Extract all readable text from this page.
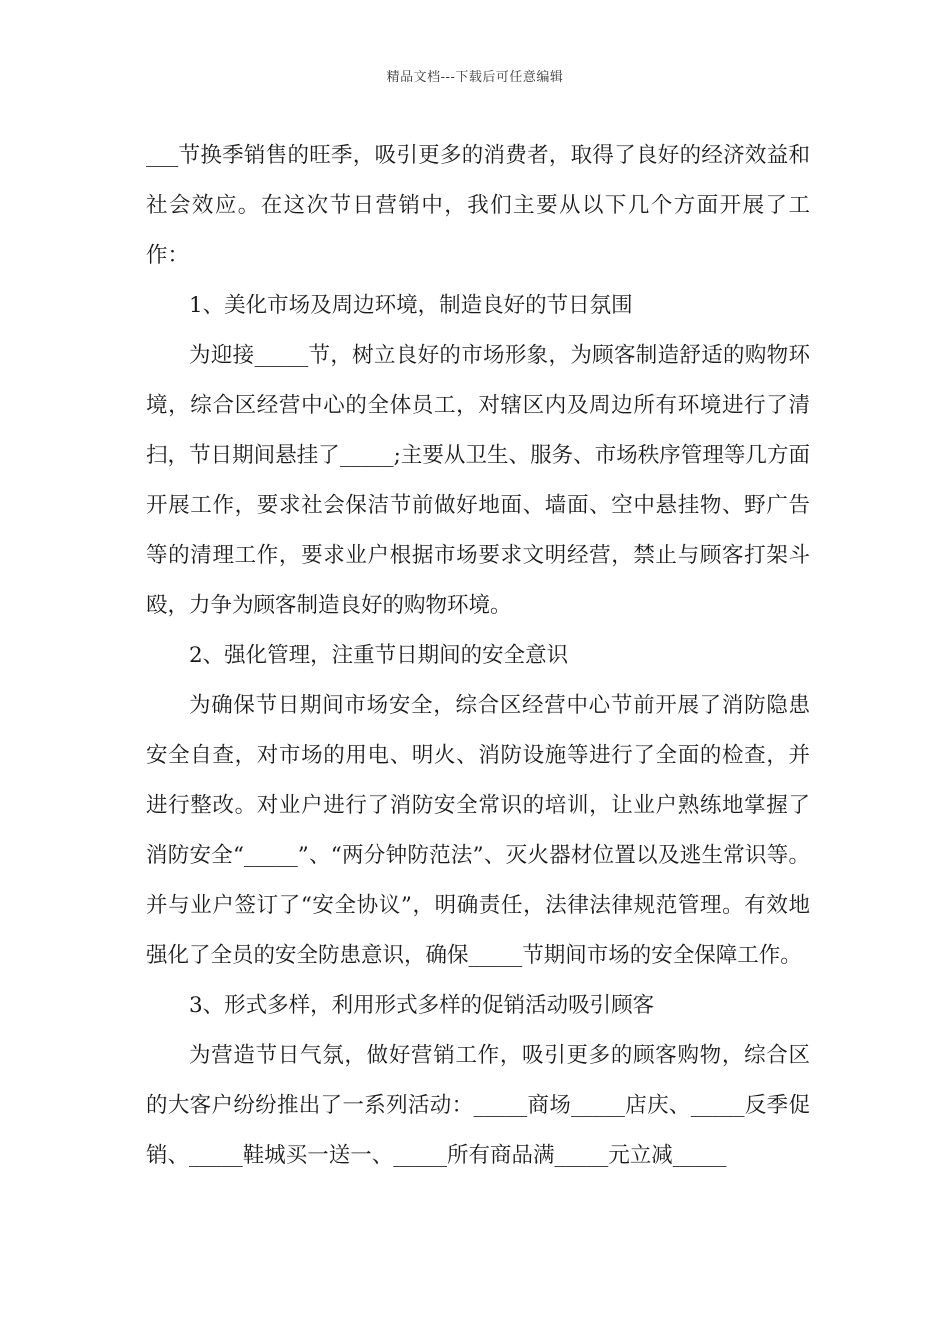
精品文档---下载后可任意编辑

___节换季销售的旺季，吸引更多的消费者，取得了良好的经济效益和社会效应。在这次节日营销中，我们主要从以下几个方面开展了工作：

1、美化市场及周边环境，制造良好的节日氛围

为迎接_____节，树立良好的市场形象，为顾客制造舒适的购物环境，综合区经营中心的全体员工，对辖区内及周边所有环境进行了清扫，节日期间悬挂了_____;主要从卫生、服务、市场秩序管理等几方面开展工作，要求社会保洁节前做好地面、墙面、空中悬挂物、野广告等的清理工作，要求业户根据市场要求文明经营，禁止与顾客打架斗殴，力争为顾客制造良好的购物环境。

2、强化管理，注重节日期间的安全意识

为确保节日期间市场安全，综合区经营中心节前开展了消防隐患安全自查，对市场的用电、明火、消防设施等进行了全面的检查，并进行整改。对业户进行了消防安全常识的培训，让业户熟练地掌握了消防安全“_____”、“两分钟防范法”、灭火器材位置以及逃生常识等。并与业户签订了“安全协议”，明确责任，法律法律规范管理。有效地强化了全员的安全防患意识，确保_____节期间市场的安全保障工作。

3、形式多样，利用形式多样的促销活动吸引顾客

为营造节日气氛，做好营销工作，吸引更多的顾客购物，综合区的大客户纷纷推出了一系列活动：_____商场_____店庆、_____反季促销、_____鞋城买一送一、_____所有商品满_____元立减_____
